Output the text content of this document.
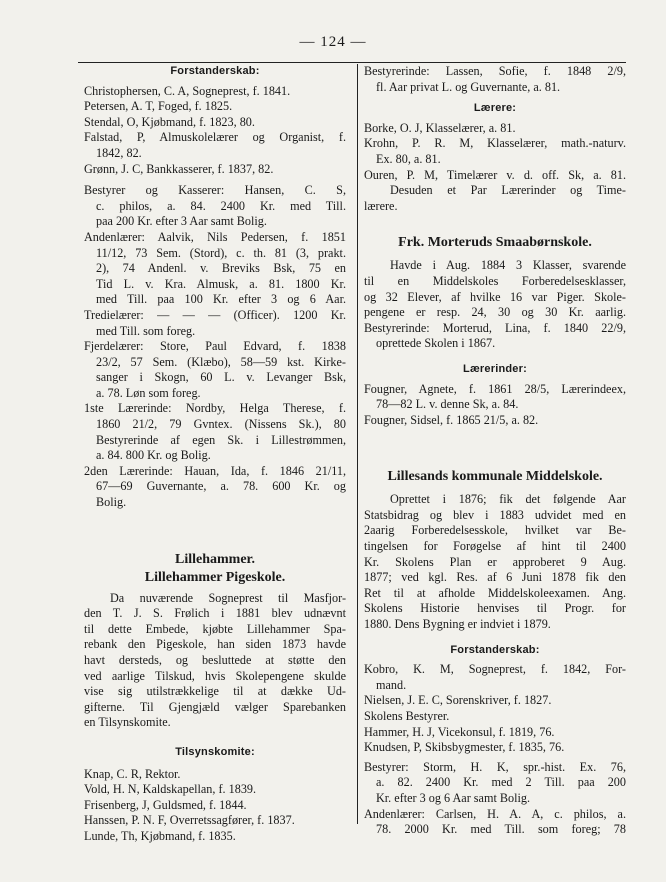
— 124 —
Forstanderskab:
Christophersen, C. A, Sogneprest, f. 1841.
Petersen, A. T, Foged, f. 1825.
Stendal, O, Kjøbmand, f. 1823, 80.
Falstad, P, Almuskolelærer og Organist, f.
1842, 82.
Grønn, J. C, Bankkasserer, f. 1837, 82.
Bestyrer og Kasserer: Hansen, C. S,
c. philos, a. 84. 2400 Kr. med Till.
paa 200 Kr. efter 3 Aar samt Bolig.
Andenlærer: Aalvik, Nils Pedersen, f. 1851
11/12, 73 Sem. (Stord), c. th. 81 (3, prakt.
2), 74 Andenl. v. Breviks Bsk, 75 en
Tid L. v. Kra. Almusk, a. 81. 1800 Kr.
med Till. paa 100 Kr. efter 3 og 6 Aar.
Tredielærer: — — — (Officer). 1200 Kr.
med Till. som foreg.
Fjerdelærer: Store, Paul Edvard, f. 1838
23/2, 57 Sem. (Klæbo), 58—59 kst. Kirke-
sanger i Skogn, 60 L. v. Levanger Bsk,
a. 78. Løn som foreg.
1ste Lærerinde: Nordby, Helga Therese, f.
1860 21/2, 79 Gvntex. (Nissens Sk.), 80
Bestyrerinde af egen Sk. i Lillestrømmen,
a. 84. 800 Kr. og Bolig.
2den Lærerinde: Hauan, Ida, f. 1846 21/11,
67—69 Guvernante, a. 78. 600 Kr. og
Bolig.
Lillehammer.
Lillehammer Pigeskole.
Da nuværende Sogneprest til Masfjor-
den T. J. S. Frølich i 1881 blev udnævnt
til dette Embede, kjøbte Lillehammer Spa-
rebank den Pigeskole, han siden 1873 havde
havt dersteds, og besluttede at støtte den
ved aarlige Tilskud, hvis Skolepengene skulde
vise sig utilstrækkelige til at dække Ud-
gifterne. Til Gjengjæld vælger Sparebanken
en Tilsynskomite.
Tilsynskomite:
Knap, C. R, Rektor.
Vold, H. N, Kaldskapellan, f. 1839.
Frisenberg, J, Guldsmed, f. 1844.
Hanssen, P. N. F, Overretssagfører, f. 1837.
Lunde, Th, Kjøbmand, f. 1835.
Bestyrerinde: Lassen, Sofie, f. 1848 2/9,
fl. Aar privat L. og Guvernante, a. 81.
Lærere:
Borke, O. J, Klasselærer, a. 81.
Krohn, P. R. M, Klasselærer, math.-naturv.
Ex. 80, a. 81.
Ouren, P. M, Timelærer v. d. off. Sk, a. 81.
Desuden et Par Lærerinder og Time-
lærere.
Frk. Morteruds Smaabørnskole.
Havde i Aug. 1884 3 Klasser, svarende
til en Middelskoles Forberedelsesklasser,
og 32 Elever, af hvilke 16 var Piger. Skole-
pengene er resp. 24, 30 og 30 Kr. aarlig.
Bestyrerinde: Morterud, Lina, f. 1840 22/9,
oprettede Skolen i 1867.
Lærerinder:
Fougner, Agnete, f. 1861 28/5, Lærerindeex,
78—82 L. v. denne Sk, a. 84.
Fougner, Sidsel, f. 1865 21/5, a. 82.
Lillesands kommunale Middelskole.
Oprettet i 1876; fik det følgende Aar
Statsbidrag og blev i 1883 udvidet med en
2aarig Forberedelsesskole, hvilket var Be-
tingelsen for Forøgelse af hint til 2400
Kr. Skolens Plan er approberet 9 Aug.
1877; ved kgl. Res. af 6 Juni 1878 fik den
Ret til at afholde Middelskoleexamen. Ang.
Skolens Historie henvises til Progr. for
1880. Dens Bygning er indviet i 1879.
Forstanderskab:
Kobro, K. M, Sogneprest, f. 1842, For-
mand.
Nielsen, J. E. C, Sorenskriver, f. 1827.
Skolens Bestyrer.
Hammer, H. J, Vicekonsul, f. 1819, 76.
Knudsen, P, Skibsbygmester, f. 1835, 76.
Bestyrer: Storm, H. K, spr.-hist. Ex. 76,
a. 82. 2400 Kr. med 2 Till. paa 200
Kr. efter 3 og 6 Aar samt Bolig.
Andenlærer: Carlsen, H. A. A, c. philos, a.
78. 2000 Kr. med Till. som foreg; 78
